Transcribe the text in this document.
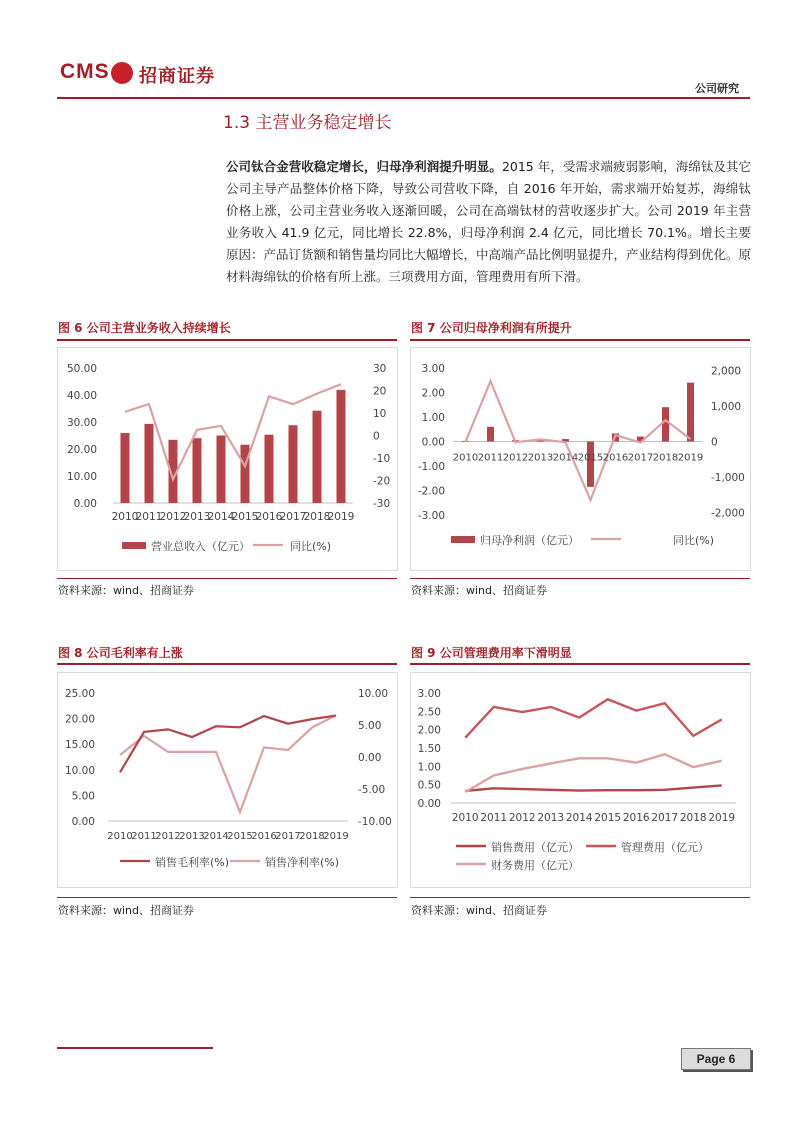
CMS 招商证券
公司研究
1.3 主营业务稳定增长
公司钛合金营收稳定增长，归母净利润提升明显。2015 年，受需求端疲弱影响，海绵钛及其它公司主导产品整体价格下降，导致公司营收下降，自 2016 年开始，需求端开始复苏，海绵钛价格上涨，公司主营业务收入逐渐回暖，公司在高端钛材的营收逐步扩大。公司 2019 年主营业务收入 41.9 亿元，同比增长 22.8%，归母净利润 2.4 亿元，同比增长 70.1%。增长主要原因：产品订货额和销售量均同比大幅增长，中高端产品比例明显提升，产业结构得到优化。原材料海绵钛的价格有所上涨。三项费用方面，管理费用有所下滑。
图 6 公司主营业务收入持续增长
0.00
10.00
20.00
30.00
40.00
50.00
-30
-20
-10
0
10
20
30
2010
2011
2012
2013
2014
2015
2016
2017
2018
2019
营业总收入（亿元）	同比(%)
资料来源：wind、招商证券
图 7 公司归母净利润有所提升
-3.00
-2.00
-1.00
0.00
1.00
2.00
3.00
-2,000
-1,000
0
1,000
2,000
2010 2011 2012 2013 2014 2015 2016 2017 2018 2019
归母净利润（亿元）	同比(%)
资料来源：wind、招商证券
图 8 公司毛利率有上涨
0.00
5.00
10.00
15.00
20.00
25.00
-10.00
-5.00
0.00
5.00
10.00
2010
2011
2012
2013
2014
2015
2016
2017
2018
2019
销售毛利率(%)	销售净利率(%)
资料来源：wind、招商证券
图 9 公司管理费用率下滑明显
0.00
0.50
1.00
1.50
2.00
2.50
3.00
2010 2011 2012 2013 2014 2015 2016 2017 2018 2019
销售费用（亿元）	管理费用（亿元）
财务费用（亿元）
资料来源：wind、招商证券
Page 6
